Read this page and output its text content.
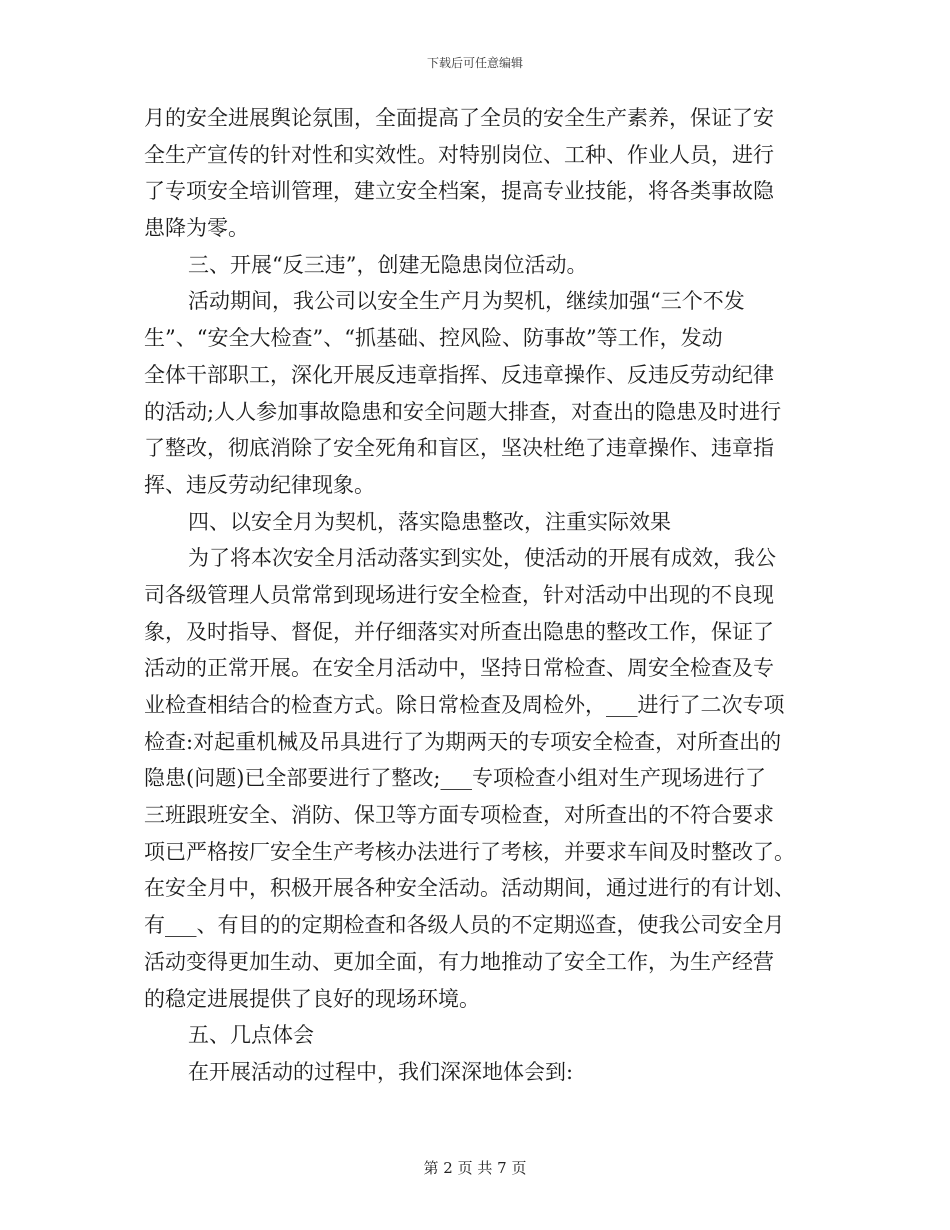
下载后可任意编辑
月的安全进展舆论氛围，全面提高了全员的安全生产素养，保证了安
全生产宣传的针对性和实效性。对特别岗位、工种、作业人员，进行
了专项安全培训管理，建立安全档案，提高专业技能，将各类事故隐
患降为零。
三、开展“反三违”，创建无隐患岗位活动。
活动期间，我公司以安全生产月为契机，继续加强“三个不发
生”、“安全大检查”、“抓基础、控风险、防事故”等工作，发动
全体干部职工，深化开展反违章指挥、反违章操作、反违反劳动纪律
的活动;人人参加事故隐患和安全问题大排查，对查出的隐患及时进行
了整改，彻底消除了安全死角和盲区，坚决杜绝了违章操作、违章指
挥、违反劳动纪律现象。
四、以安全月为契机，落实隐患整改，注重实际效果
为了将本次安全月活动落实到实处，使活动的开展有成效，我公
司各级管理人员常常到现场进行安全检查，针对活动中出现的不良现
象，及时指导、督促，并仔细落实对所查出隐患的整改工作，保证了
活动的正常开展。在安全月活动中，坚持日常检查、周安全检查及专
业检查相结合的检查方式。除日常检查及周检外，___进行了二次专项
检查:对起重机械及吊具进行了为期两天的专项安全检查，对所查出的
隐患(问题)已全部要进行了整改;___专项检查小组对生产现场进行了
三班跟班安全、消防、保卫等方面专项检查，对所查出的不符合要求
项已严格按厂安全生产考核办法进行了考核，并要求车间及时整改了。
在安全月中，积极开展各种安全活动。活动期间，通过进行的有计划、
有___、有目的的定期检查和各级人员的不定期巡查，使我公司安全月
活动变得更加生动、更加全面，有力地推动了安全工作，为生产经营
的稳定进展提供了良好的现场环境。
五、几点体会
在开展活动的过程中，我们深深地体会到:
第 2 页 共 7 页
